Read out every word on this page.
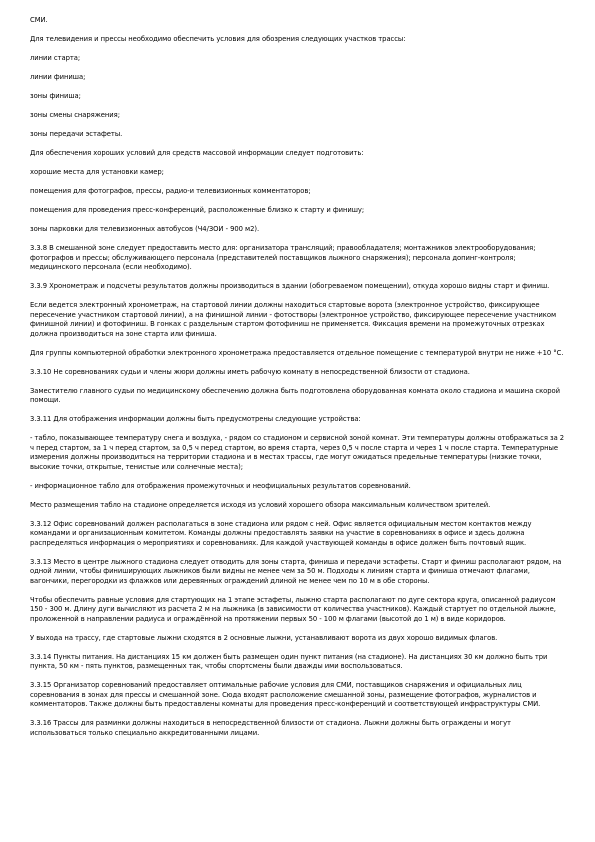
СМИ.

Для телевидения и прессы необходимо обеспечить условия для обозрения следующих участков трассы:

линии старта;

линии финиша;

зоны финиша;

зоны смены снаряжения;

зоны передачи эстафеты.

Для обеспечения хороших условий для средств массовой информации следует подготовить:

хорошие места для установки камер;

помещения для фотографов, прессы, радио-и телевизионных комментаторов;

помещения для проведения пресс-конференций, расположенные близко к старту и финишу;

зоны парковки для телевизионных автобусов (Ч4/ЗОИ - 900 м2).

3.3.8 В смешанной зоне следует предоставить место для: организатора трансляций; правообладателя; монтажников электрооборудования; фотографов и прессы; обслуживающего персонала (представителей поставщиков лыжного снаряжения); персонала допинг-контроля; медицинского персонала (если необходимо).

3.3.9 Хронометраж и подсчеты результатов должны производиться в здании (обогреваемом помещении), откуда хорошо видны старт и финиш.

Если ведется электронный хронометраж, на стартовой линии должны находиться стартовые ворота (электронное устройство, фиксирующее пересечение участником стартовой линии), а на финишной линии - фотостворы (электронное устройство, фиксирующее пересечение участником финишной линии) и фотофиниш. В гонках с раздельным стартом фотофиниш не применяется. Фиксация времени на промежуточных отрезках должна производиться на зоне старта или финиша.

Для группы компьютерной обработки электронного хронометража предоставляется отдельное помещение с температурой внутри не ниже +10 °С.

3.3.10 Не соревнованиях судьи и члены жюри должны иметь рабочую комнату в непосредственной близости от стадиона.

Заместителю главного судьи по медицинскому обеспечению должна быть подготовлена оборудованная комната около стадиона и машина скорой помощи.

3.3.11 Для отображения информации должны быть предусмотрены следующие устройства:

- табло, показывающее температуру снега и воздуха, - рядом со стадионом и сервисной зоной комнат. Эти температуры должны отображаться за 2 ч перед стартом, за 1 ч перед стартом, за 0,5 ч перед стартом, во время старта, через 0,5 ч после старта и через 1 ч после старта. Температурные измерения должны производиться на территории стадиона и в местах трассы, где могут ожидаться предельные температуры (низкие точки, высокие точки, открытые, тенистые или солнечные места);

- информационное табло для отображения промежуточных и неофициальных результатов соревнований.

Место размещения табло на стадионе определяется исходя из условий хорошего обзора максимальным количеством зрителей.

3.3.12 Офис соревнований должен располагаться в зоне стадиона или рядом с ней. Офис является официальным местом контактов между командами и организационным комитетом. Команды должны предоставлять заявки на участие в соревнованиях в офисе и здесь должна распределяться информация о мероприятиях и соревнованиях. Для каждой участвующей команды в офисе должен быть почтовый ящик.

3.3.13 Место в центре лыжного стадиона следует отводить для зоны старта, финиша и передачи эстафеты. Старт и финиш располагают рядом, на одной линии, чтобы финиширующих лыжников были видны не менее чем за 50 м. Подходы к линиям старта и финиша отмечают флагами, вагончики, перегородки из флажков или деревянных ограждений длиной не менее чем по 10 м в обе стороны.

Чтобы обеспечить равные условия для стартующих на 1 этапе эстафеты, лыжню старта располагают по дуге сектора круга, описанной радиусом 150 - 300 м. Длину дуги вычисляют из расчета 2 м на лыжника (в зависимости от количества участников). Каждый стартует по отдельной лыжне, проложенной в направлении радиуса и ограждённой на протяжении первых 50 - 100 м флагами (высотой до 1 м) в виде коридоров.

У выхода на трассу, где стартовые лыжни сходятся в 2 основные лыжни, устанавливают ворота из двух хорошо видимых флагов.

3.3.14 Пункты питания. На дистанциях 15 км должен быть размещен один пункт питания (на стадионе). На дистанциях 30 км должно быть три пункта, 50 км - пять пунктов, размещенных так, чтобы спортсмены были дважды ими воспользоваться.

3.3.15 Организатор соревнований предоставляет оптимальные рабочие условия для СМИ, поставщиков снаряжения и официальных лиц соревнования в зонах для прессы и смешанной зоне. Сюда входят расположение смешанной зоны, размещение фотографов, журналистов и комментаторов. Также должны быть предоставлены комнаты для проведения пресс-конференций и соответствующей инфраструктуры СМИ.

3.3.16 Трассы для разминки должны находиться в непосредственной близости от стадиона. Лыжни должны быть ограждены и могут использоваться только специально аккредитованными лицами.
